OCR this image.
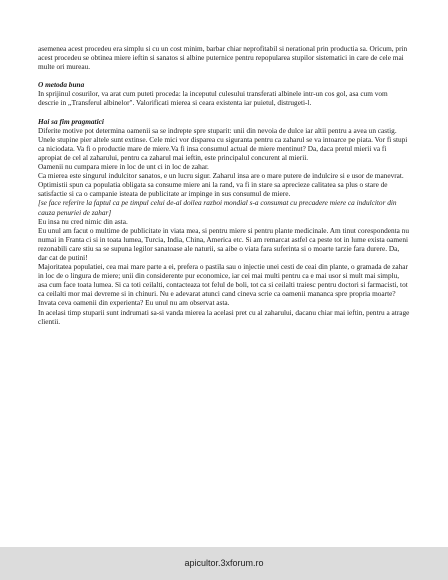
asemenea acest procedeu era simplu si cu un cost minim, barbar chiar neprofitabil si nerational prin productia sa. Oricum, prin acest procedeu se obtinea miere ieftin si sanatos si albine puternice pentru repopularea stupilor sistematici in care de cele mai multe ori mureau.

O metoda buna

In sprijinul cosurilor, va arat cum puteti proceda: la inceputul culesului transferati albinele intr-un cos gol, asa cum vom descrie in ,,Transferul albinelor". Valorificati mierea si ceara existenta iar puietul, distrugeti-l.

Hai sa fim pragmatici

Diferite motive pot determina oamenii sa se indrepte spre stuparit: unii din nevoia de dulce iar altii pentru a avea un castig. Unele stupine pier altele sunt extinse. Cele mici vor disparea cu siguranta pentru ca zaharul se va intoarce pe piata. Vor fi stupi ca niciodata. Va fi o productie mare de miere.Va fi insa consumul actual de miere mentinut? Da, daca pretul mierii va fi apropiat de cel al zaharului, pentru ca zaharul mai ieftin, este principalul concurent al mierii.

Oamenii nu cumpara miere in loc de unt ci in loc de zahar.

Ca mierea este singurul indulcitor sanatos, e un lucru sigur. Zaharul insa are o mare putere de indulcire si e usor de manevrat.

Optimistii spun ca populatia obligata sa consume miere ani la rand, va fi in stare sa aprecieze calitatea sa plus o stare de satisfactie si ca o campanie isteata de publicitate ar impinge in sus consumul de miere.

[se face referire la faptul ca pe timpul celui de-al doilea razboi mondial s-a consumat cu precadere miere ca indulcitor din cauza penuriei de zahar]

Eu insa nu cred nimic din asta.

Eu unul am facut o multime de publicitate in viata mea, si pentru miere si pentru plante medicinale. Am tinut corespondenta nu numai in Franta ci si in toata lumea, Turcia, India, China, America etc. Si am remarcat astfel ca peste tot in lume exista oameni rezonabili care stiu sa se supuna legilor sanatoase ale naturii, sa aibe o viata fara suferinta si o moarte tarzie fara durere. Da, dar cat de putini!

Majoritatea populatiei, cea mai mare parte a ei, prefera o pastila sau o injectie unei cesti de ceai din plante, o gramada de zahar in loc de o lingura de miere; unii din considerente pur economice, iar cei mai multi pentru ca e mai usor si mult mai simplu, asa cum face toata lumea. Si ca toti ceilalti, contacteaza tot felul de boli, tot ca si ceilalti traiesc pentru doctori si farmacisti, tot ca ceilalti mor mai devreme si in chinuri. Nu e adevarat atunci cand cineva scrie ca oamenii mananca spre propria moarte?

Invata ceva oamenii din experienta? Eu unul nu am observat asta.

In acelasi timp stuparii sunt indrumati sa-si vanda mierea la acelasi pret cu al zaharului, dacanu chiar mai ieftin, pentru a atrage clientii.

apicultor.3xforum.ro
